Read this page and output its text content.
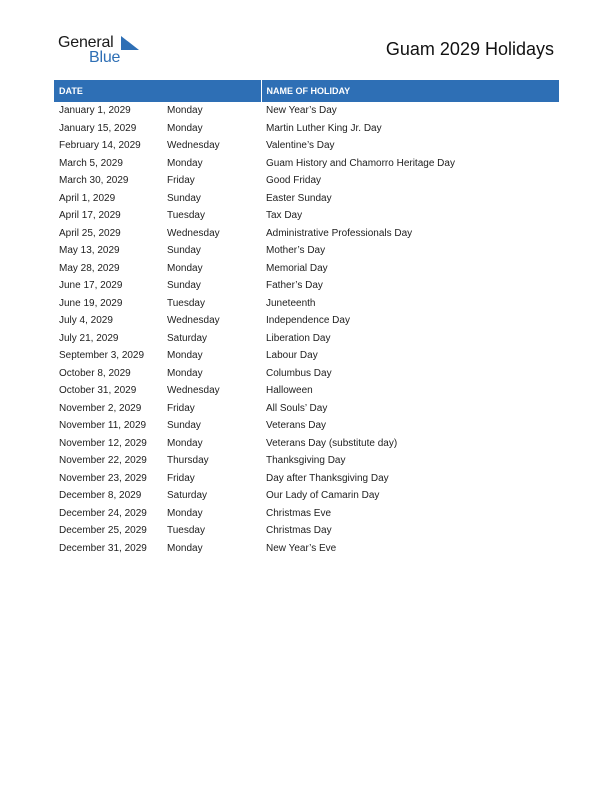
General
Blue	Guam 2029 Holidays
DATE		NAME OF HOLIDAY
January 1, 2029	Monday	New Year’s Day
January 15, 2029	Monday	Martin Luther King Jr. Day
February 14, 2029	Wednesday	Valentine’s Day
March 5, 2029	Monday	Guam History and Chamorro Heritage Day
March 30, 2029	Friday	Good Friday
April 1, 2029	Sunday	Easter Sunday
April 17, 2029	Tuesday	Tax Day
April 25, 2029	Wednesday	Administrative Professionals Day
May 13, 2029	Sunday	Mother’s Day
May 28, 2029	Monday	Memorial Day
June 17, 2029	Sunday	Father’s Day
June 19, 2029	Tuesday	Juneteenth
July 4, 2029	Wednesday	Independence Day
July 21, 2029	Saturday	Liberation Day
September 3, 2029	Monday	Labour Day
October 8, 2029	Monday	Columbus Day
October 31, 2029	Wednesday	Halloween
November 2, 2029	Friday	All Souls’ Day
November 11, 2029	Sunday	Veterans Day
November 12, 2029	Monday	Veterans Day (substitute day)
November 22, 2029	Thursday	Thanksgiving Day
November 23, 2029	Friday	Day after Thanksgiving Day
December 8, 2029	Saturday	Our Lady of Camarin Day
December 24, 2029	Monday	Christmas Eve
December 25, 2029	Tuesday	Christmas Day
December 31, 2029	Monday	New Year’s Eve
